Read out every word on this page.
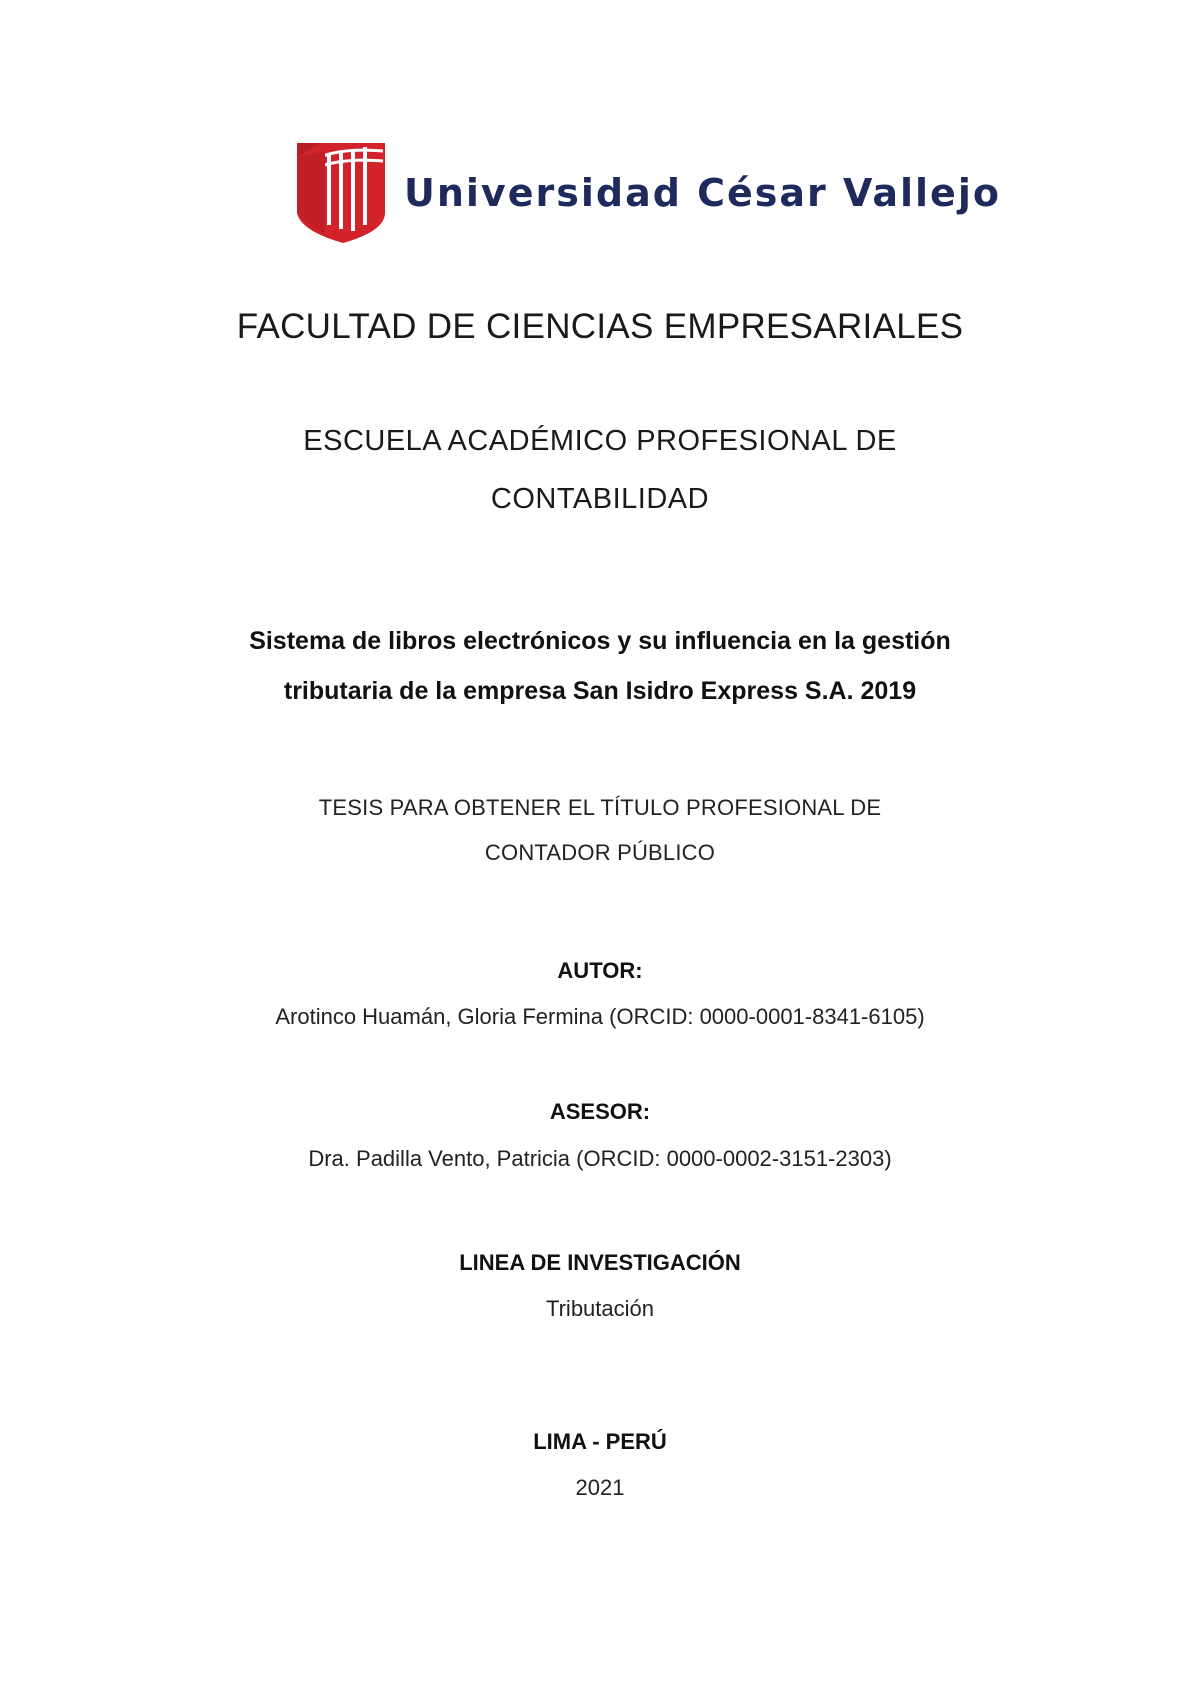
Universidad César Vallejo
FACULTAD DE CIENCIAS EMPRESARIALES
ESCUELA ACADÉMICO PROFESIONAL DE
CONTABILIDAD
Sistema de libros electrónicos y su influencia en la gestión
tributaria de la empresa San Isidro Express S.A. 2019
TESIS PARA OBTENER EL TÍTULO PROFESIONAL DE
CONTADOR PÚBLICO
AUTOR:
Arotinco Huamán, Gloria Fermina (ORCID: 0000-0001-8341-6105)
ASESOR:
Dra. Padilla Vento, Patricia (ORCID: 0000-0002-3151-2303)
LINEA DE INVESTIGACIÓN
Tributación
LIMA - PERÚ
2021
